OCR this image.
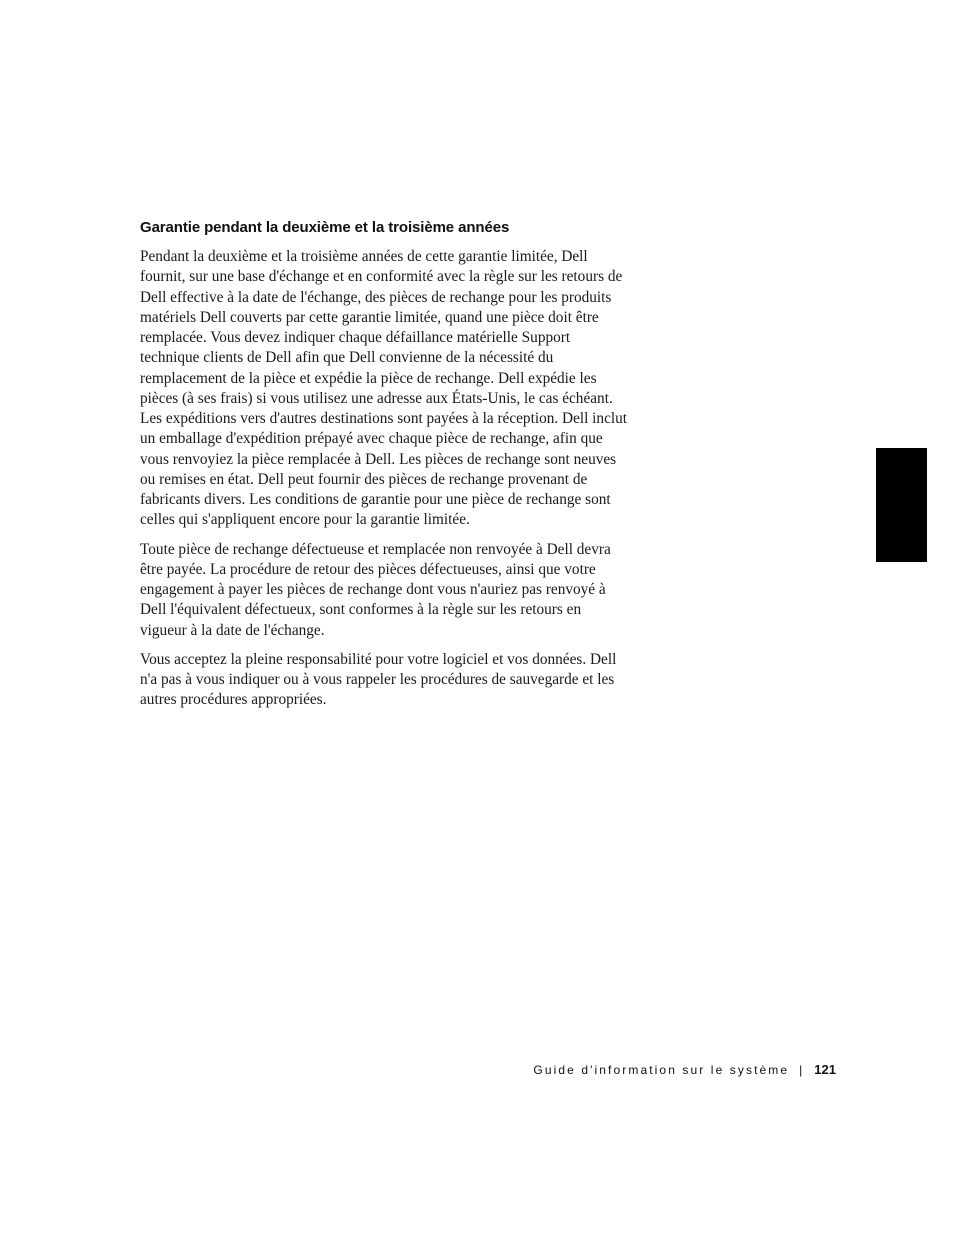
Garantie pendant la deuxième et la troisième années

Pendant la deuxième et la troisième années de cette garantie limitée, Dell fournit, sur une base d'échange et en conformité avec la règle sur les retours de Dell effective à la date de l'échange, des pièces de rechange pour les produits matériels Dell couverts par cette garantie limitée, quand une pièce doit être remplacée. Vous devez indiquer chaque défaillance matérielle Support technique clients de Dell afin que Dell convienne de la nécessité du remplacement de la pièce et expédie la pièce de rechange. Dell expédie les pièces (à ses frais) si vous utilisez une adresse aux États-Unis, le cas échéant. Les expéditions vers d'autres destinations sont payées à la réception. Dell inclut un emballage d'expédition prépayé avec chaque pièce de rechange, afin que vous renvoyiez la pièce remplacée à Dell. Les pièces de rechange sont neuves ou remises en état. Dell peut fournir des pièces de rechange provenant de fabricants divers. Les conditions de garantie pour une pièce de rechange sont celles qui s'appliquent encore pour la garantie limitée.

Toute pièce de rechange défectueuse et remplacée non renvoyée à Dell devra être payée. La procédure de retour des pièces défectueuses, ainsi que votre engagement à payer les pièces de rechange dont vous n'auriez pas renvoyé à Dell l'équivalent défectueux, sont conformes à la règle sur les retours en vigueur à la date de l'échange.

Vous acceptez la pleine responsabilité pour votre logiciel et vos données. Dell n'a pas à vous indiquer ou à vous rappeler les procédures de sauvegarde et les autres procédures appropriées.

Guide d'information sur le système | 121
